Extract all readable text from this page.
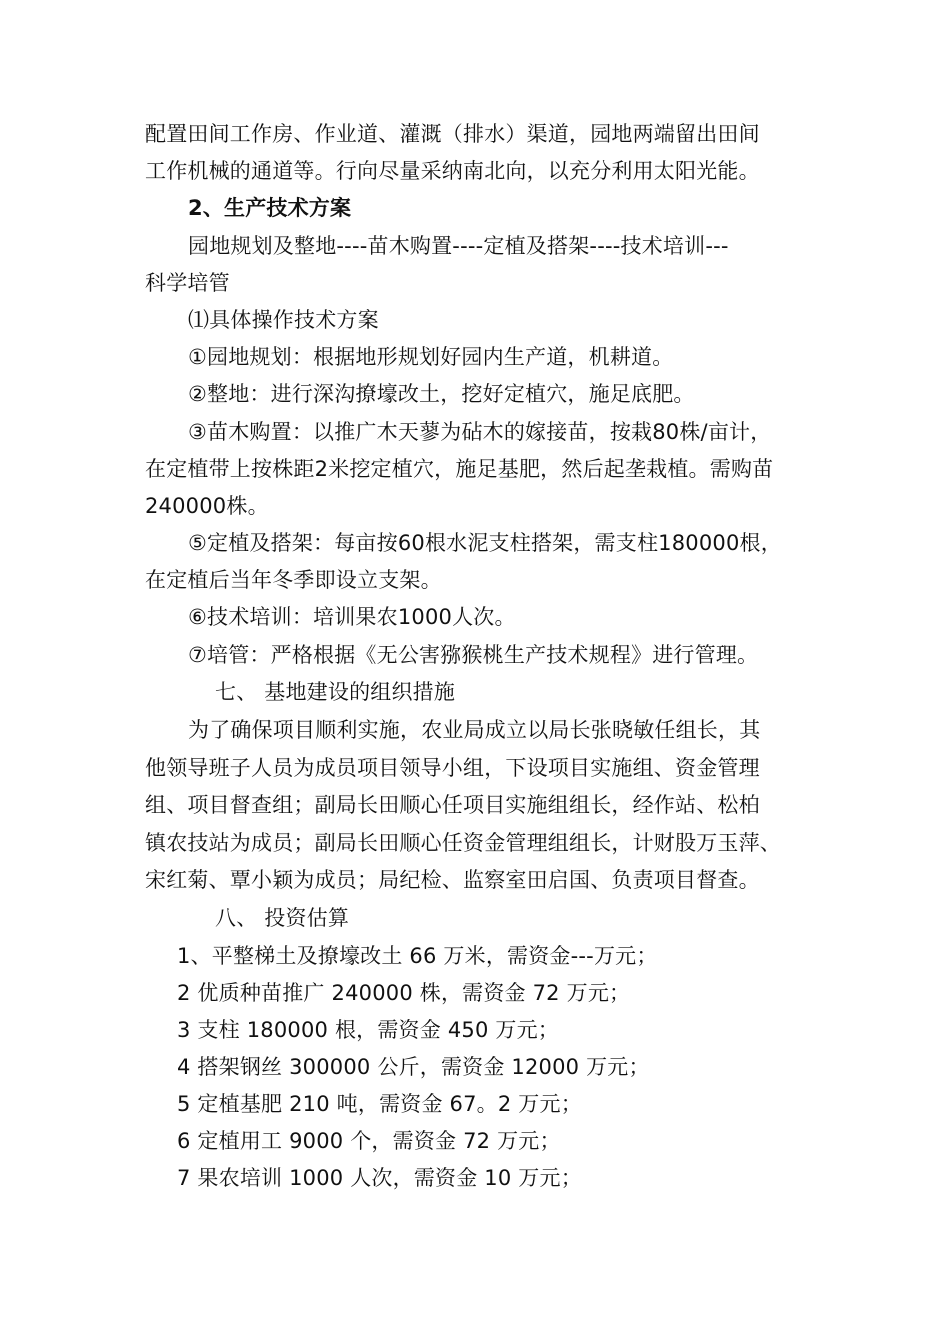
配置田间工作房、作业道、灌溉（排水）渠道，园地两端留出田间
工作机械的通道等。行向尽量采纳南北向，以充分利用太阳光能。
2、生产技术方案
园地规划及整地----苗木购置----定植及搭架----技术培训---
科学培管
⑴具体操作技术方案
①园地规划：根据地形规划好园内生产道，机耕道。
②整地：进行深沟撩壕改土，挖好定植穴，施足底肥。
③苗木购置：以推广木天蓼为砧木的嫁接苗，按栽80株/亩计，
在定植带上按株距2米挖定植穴，施足基肥，然后起垄栽植。需购苗
240000株。
⑤定植及搭架：每亩按60根水泥支柱搭架，需支柱180000根，
在定植后当年冬季即设立支架。
⑥技术培训：培训果农1000人次。
⑦培管：严格根据《无公害猕猴桃生产技术规程》进行管理。
七、 基地建设的组织措施
为了确保项目顺利实施，农业局成立以局长张晓敏任组长，其
他领导班子人员为成员项目领导小组，下设项目实施组、资金管理
组、项目督查组；副局长田顺心任项目实施组组长，经作站、松柏
镇农技站为成员；副局长田顺心任资金管理组组长，计财股万玉萍、
宋红菊、覃小颖为成员；局纪检、监察室田启国、负责项目督查。
八、 投资估算
1、平整梯土及撩壕改土 66 万米，需资金---万元；
2 优质种苗推广 240000 株，需资金 72 万元；
3 支柱 180000 根，需资金 450 万元；
4 搭架钢丝 300000 公斤，需资金 12000 万元；
5 定植基肥 210 吨，需资金 67。2 万元；
6 定植用工 9000 个，需资金 72 万元；
7 果农培训 1000 人次，需资金 10 万元；
